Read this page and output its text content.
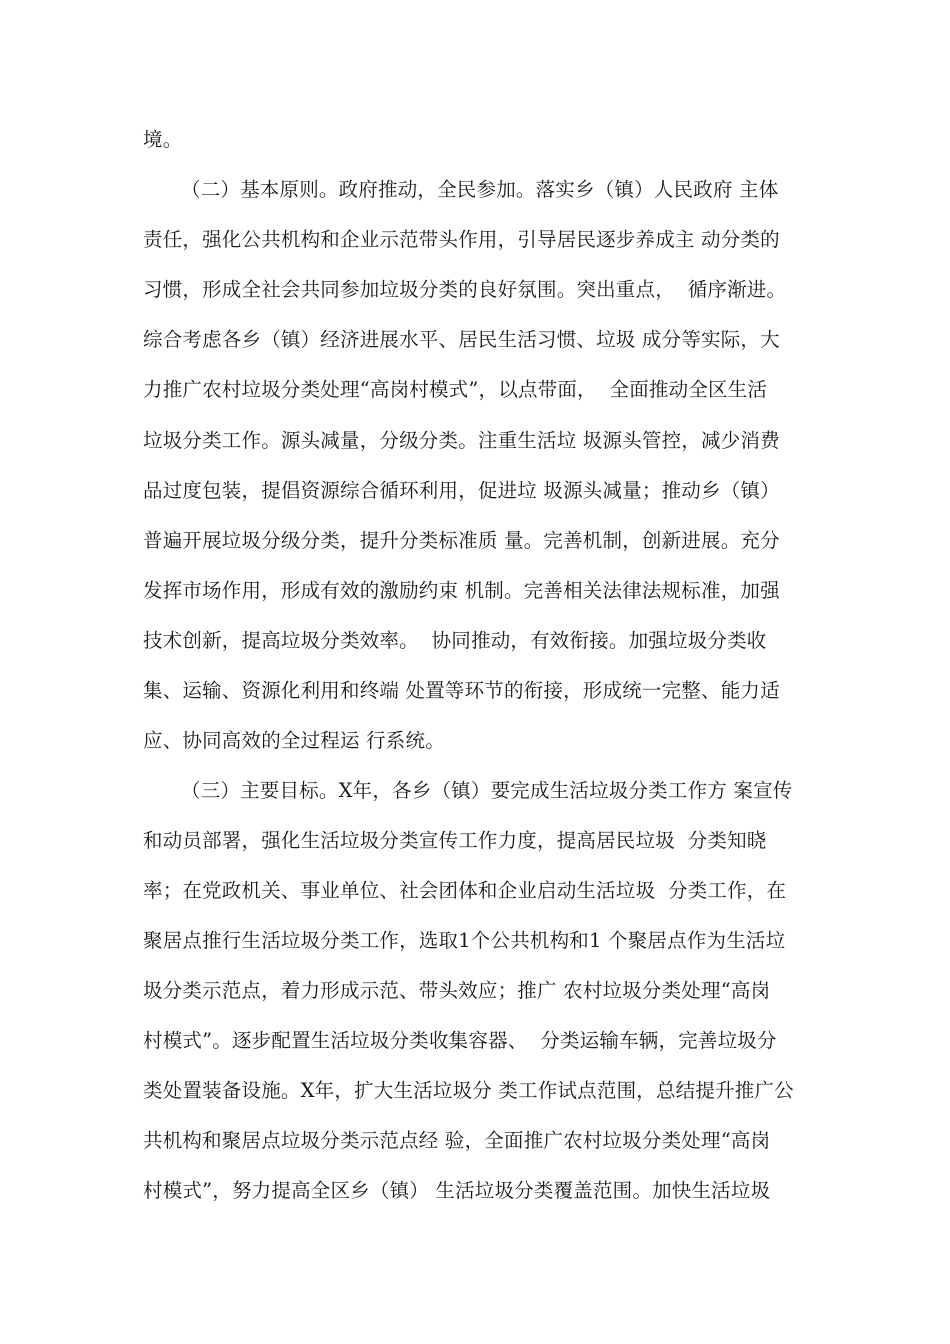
境。
（二）基本原则。政府推动，全民参加。落实乡（镇）人民政府 主体
责任，强化公共机构和企业示范带头作用，引导居民逐步养成主 动分类的
习惯，形成全社会共同参加垃圾分类的良好氛围。突出重点，  循序渐进。
综合考虑各乡（镇）经济进展水平、居民生活习惯、垃圾 成分等实际，大
力推广农村垃圾分类处理“高岗村模式”，以点带面，  全面推动全区生活
垃圾分类工作。源头减量，分级分类。注重生活垃 圾源头管控，减少消费
品过度包装，提倡资源综合循环利用，促进垃 圾源头减量；推动乡（镇）
普遍开展垃圾分级分类，提升分类标准质 量。完善机制，创新进展。充分
发挥市场作用，形成有效的激励约束 机制。完善相关法律法规标准，加强
技术创新，提高垃圾分类效率。  协同推动，有效衔接。加强垃圾分类收
集、运输、资源化利用和终端 处置等环节的衔接，形成统一完整、能力适
应、协同高效的全过程运 行系统。
（三）主要目标。X年，各乡（镇）要完成生活垃圾分类工作方 案宣传
和动员部署，强化生活垃圾分类宣传工作力度，提高居民垃圾  分类知晓
率；在党政机关、事业单位、社会团体和企业启动生活垃圾  分类工作，在
聚居点推行生活垃圾分类工作，选取1个公共机构和1 个聚居点作为生活垃
圾分类示范点，着力形成示范、带头效应；推广 农村垃圾分类处理“高岗
村模式”。逐步配置生活垃圾分类收集容器、  分类运输车辆，完善垃圾分
类处置装备设施。X年，扩大生活垃圾分 类工作试点范围，总结提升推广公
共机构和聚居点垃圾分类示范点经 验，全面推广农村垃圾分类处理“高岗
村模式”，努力提高全区乡（镇） 生活垃圾分类覆盖范围。加快生活垃圾
